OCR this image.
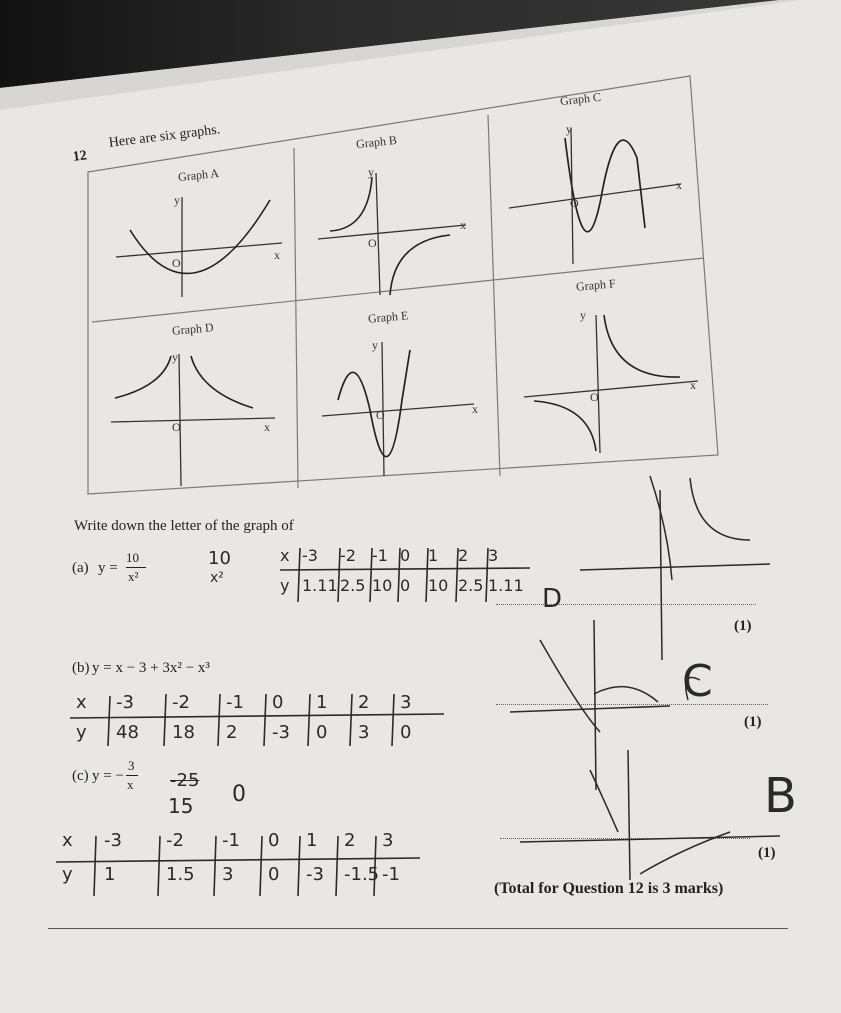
Graph A
y
x
O
Graph B
y
x
O
Graph C
y
x
O
Graph D
y
x
O
Graph E
y
x
O
Graph F
y
x
O
12
Here are six graphs.
Write down the letter of the graph of
(a) y =
10
x²
(1)
(b) y = x − 3 + 3x² − x³
(1)
(c) y = −
3
x
(1)
(Total for Question 12 is 3 marks)
10
x²
x -3 -2 -1 0 1 2 3
y 1.11 2.5 10 0 10 2.5 1.11
x -3 -2 -1 0 1 2 3
y 48 18 2 -3 0 3 0
-25
15 0
x -3 -2 -1 0 1 2 3
y 1	1.5 3 0 -3 -1.5 -1
D
C
B
